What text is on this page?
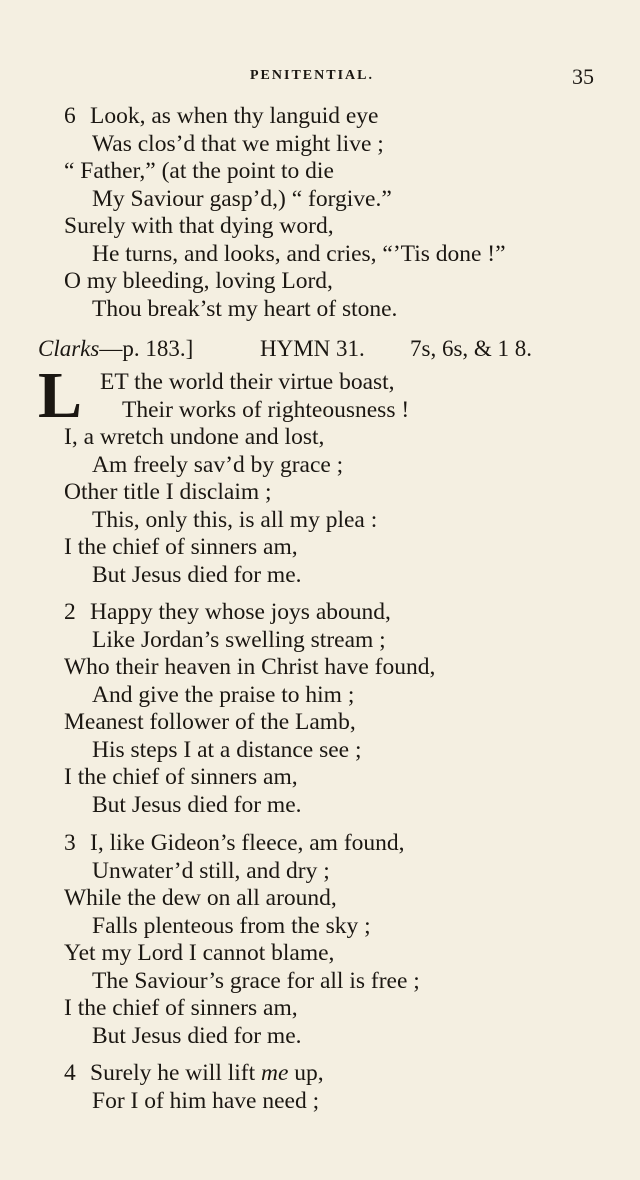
PENITENTIAL.	35
6 Look, as when thy languid eye
Was clos’d that we might live ;
“ Father,” (at the point to die
My Saviour gasp’d,) “ forgive.”
Surely with that dying word,
He turns, and looks, and cries, “’Tis done !”
O my bleeding, loving Lord,
Thou break’st my heart of stone.
Clarks—p. 183.]	HYMN 31. 7s, 6s, & 1 8.
L ET the world their virtue boast,
Their works of righteousness !
I, a wretch undone and lost,
Am freely sav’d by grace ;
Other title I disclaim ;
This, only this, is all my plea :
I the chief of sinners am,
But Jesus died for me.
2 Happy they whose joys abound,
Like Jordan’s swelling stream ;
Who their heaven in Christ have found,
And give the praise to him ;
Meanest follower of the Lamb,
His steps I at a distance see ;
I the chief of sinners am,
But Jesus died for me.
3 I, like Gideon’s fleece, am found,
Unwater’d still, and dry ;
While the dew on all around,
Falls plenteous from the sky ;
Yet my Lord I cannot blame,
The Saviour’s grace for all is free ;
I the chief of sinners am,
But Jesus died for me.
4 Surely he will lift me up,
For I of him have need ;
